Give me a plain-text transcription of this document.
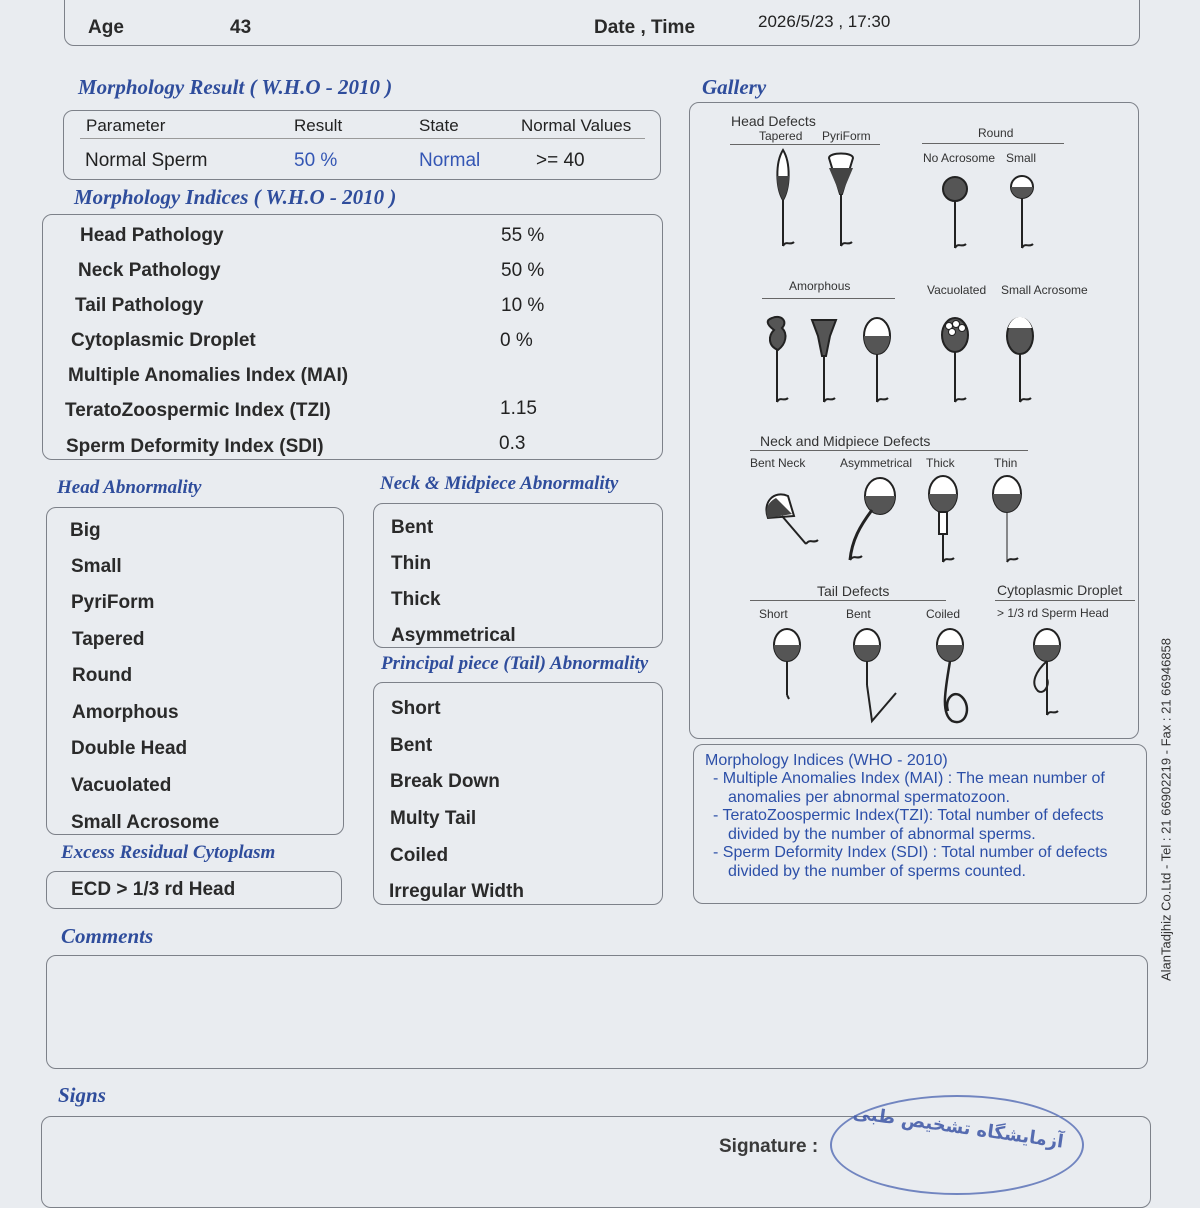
Age	43	Date , Time	2026/5/23 , 17:30
Morphology Result ( W.H.O - 2010 )
Parameter	Result	State	Normal Values
Normal Sperm	50 %	Normal	>= 40
Morphology Indices ( W.H.O - 2010 )
Head Pathology	55 %
Neck Pathology	50 %
Tail Pathology	10 %
Cytoplasmic Droplet	0 %
Multiple Anomalies Index (MAI)
TeratoZoospermic Index (TZI)	1.15
Sperm Deformity Index (SDI)	0.3
Head Abnormality
Big
Small
PyriForm
Tapered
Round
Amorphous
Double Head
Vacuolated
Small Acrosome
Neck & Midpiece Abnormality
Bent
Thin
Thick
Asymmetrical
Principal piece (Tail) Abnormality
Short
Bent
Break Down
Multy Tail
Coiled
Irregular Width
Excess Residual Cytoplasm
ECD > 1/3 rd Head
Comments
Signs
Signature : آزمایشگاه تشخیص طبی
Gallery
Head Defects
Tapered PyriForm	Round
No Acrosome Small
Amorphous	Vacuolated Small Acrosome
Neck and Midpiece Defects
Bent Neck	Asymmetrical Thick	Thin
Tail Defects	Cytoplasmic Droplet
Short	Bent	Coiled	> 1/3 rd Sperm Head
Morphology Indices (WHO - 2010)
- Multiple Anomalies Index (MAI) : The mean number of
anomalies per abnormal spermatozoon.
- TeratoZoospermic Index(TZI): Total number of defects
divided by the number of abnormal sperms.
- Sperm Deformity Index (SDI) : Total number of defects
divided by the number of sperms counted.	AlanTadjhiz Co.Ltd - Tel : 21 66902219 - Fax : 21 66946858
